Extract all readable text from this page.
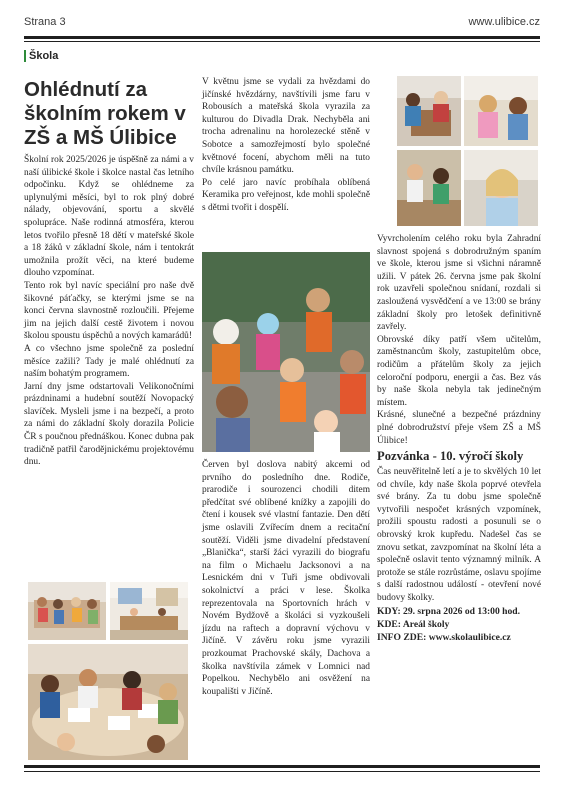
Strana 3	www.ulibice.cz
Škola
Ohlédnutí za školním rokem v ZŠ a MŠ Úlibice

Školní rok 2025/2026 je úspěšně za námi a v naší úlibické škole i školce nastal čas letního odpočinku. Když se ohlédneme za uplynulými měsíci, byl to rok plný dobré nálady, objevování, sportu a skvělé spolupráce. Naše rodinná atmosféra, kterou letos tvořilo přesně 18 dětí v mateřské škole a 18 žáků v základní škole, nám i tentokrát umožnila prožít věci, na které budeme dlouho vzpomínat.

Tento rok byl navíc speciální pro naše dvě šikovné páťačky, se kterými jsme se na konci června slavnostně rozloučili. Přejeme jim na jejich další cestě životem i novou školou spoustu úspěchů a nových kamarádů!

A co všechno jsme společně za poslední měsíce zažili? Tady je malé ohlédnutí za naším bohatým programem.

Jarní dny jsme odstartovali Velikonočními prázdninami a hudební soutěží Novopacký slavíček. Mysleli jsme i na bezpečí, a proto za námi do základní školy dorazila Policie ČR s poučnou přednáškou. Konec dubna pak tradičně patřil čarodějnickému projektovému dnu.

V květnu jsme se vydali za hvězdami do jičínské hvězdárny, navštívili jsme faru v Robousích a mateřská škola vyrazila za kulturou do Divadla Drak. Nechyběla ani trocha adrenalinu na horolezecké stěně v Sobotce a samozřejmostí bylo společné květnové focení, abychom měli na tuto chvíle krásnou památku.

Po celé jaro navíc probíhala oblíbená Keramika pro veřejnost, kde mohli společně s dětmi tvořit i dospělí.

Červen byl doslova nabitý akcemi od prvního do posledního dne. Rodiče, prarodiče i sourozenci chodili ditem předčítat své oblíbené knížky a zapojili do čtení i kousek své vlastní fantazie. Den dětí jsme oslavili Zvířecím dnem a recitační soutěží. Viděli jsme divadelní představení „Blanička“, starší žáci vyrazili do biografu na film o Michaelu Jacksonovi a na Lesnickém dni v Tuři jsme obdivovali sokolnictví a práci v lese. Školka reprezentovala na Sportovních hrách v Novém Bydžově a školáci si vyzkoušeli jízdu na raftech a dopravní výchovu v Jičíně. V závěru roku jsme vyrazili prozkoumat Prachovské skály, Dachova a školka navštívila zámek v Lomnici nad Popelkou. Nechybělo ani osvěžení na koupališti v Jičíně.

Vyvrcholením celého roku byla Zahradní slavnost spojená s dobrodružným spaním ve škole, kterou jsme si všichni náramně užili. V pátek 26. června jsme pak školní rok uzavřeli společnou snídaní, rozdali si zasloužená vysvědčení a ve 13:00 se brány základní školy pro letošek definitivně zavřely.

Obrovské díky patří všem učitelům, zaměstnancům školy, zastupitelům obce, rodičům a přátelům školy za jejich celoroční podporu, energii a čas. Bez vás by naše škola nebyla tak jedinečným místem.

Krásné, slunečné a bezpečné prázdniny plné dobrodružství přeje všem ZŠ a MŠ Úlibice!

Pozvánka - 10. výročí školy

Čas neuvěřitelně letí a je to skvělých 10 let od chvíle, kdy naše škola poprvé otevřela své brány. Za tu dobu jsme společně vytvořili nespočet krásných vzpomínek, prožili spoustu radosti a posunuli se o obrovský krok kupředu. Nadešel čas se znovu setkat, zavzpomínat na školní léta a společně oslavit tento významný milník. A protože se stále rozrůstáme, oslavu spojíme s další radostnou událostí - otevření nové budovy školky.

KDY: 29. srpna 2026 od 13:00 hod.
KDE: Areál školy
INFO ZDE: www.skolaulibice.cz
